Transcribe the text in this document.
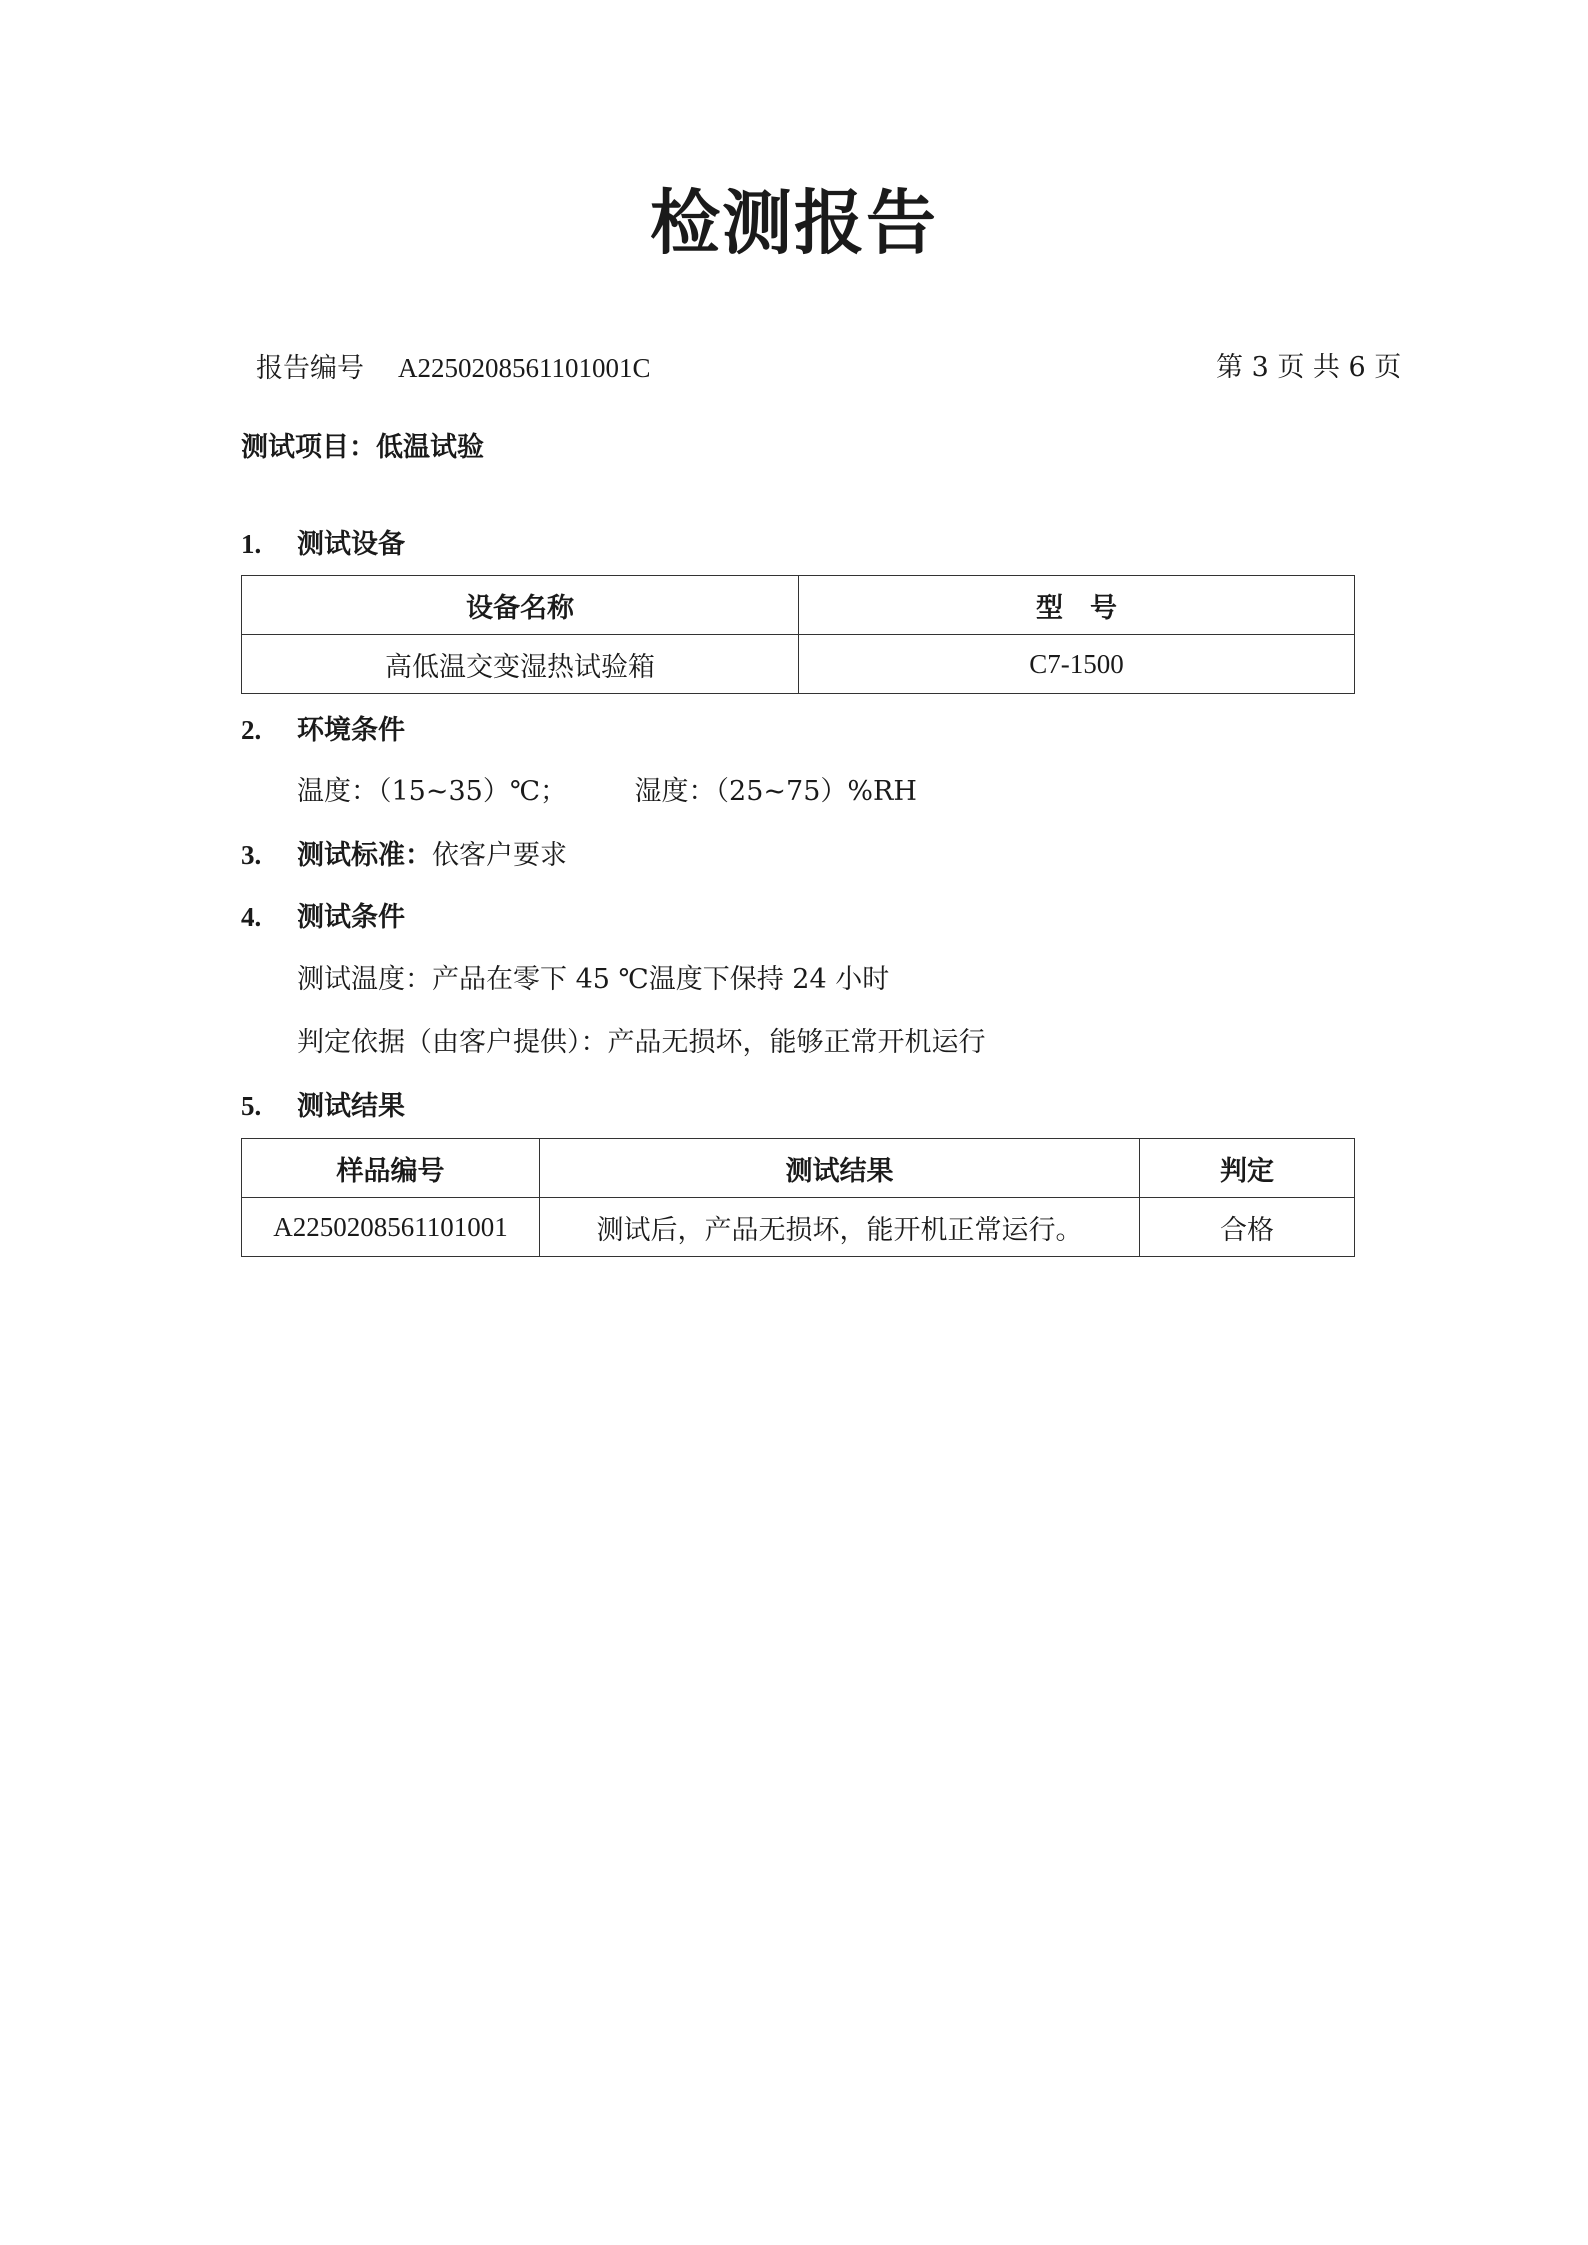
检测报告
报告编号 A2250208561101001C	第 3 页 共 6 页
测试项目：低温试验
1. 测试设备
设备名称	型　号
高低温交变湿热试验箱	C7-1500
2. 环境条件
温度：（15~35）℃；　　　湿度：（25~75）%RH
3. 测试标准：依客户要求
4. 测试条件
测试温度：产品在零下 45 ℃温度下保持 24 小时
判定依据（由客户提供）：产品无损坏，能够正常开机运行
5. 测试结果
样品编号	测试结果	判定
A2250208561101001	测试后，产品无损坏，能开机正常运行。	合格
